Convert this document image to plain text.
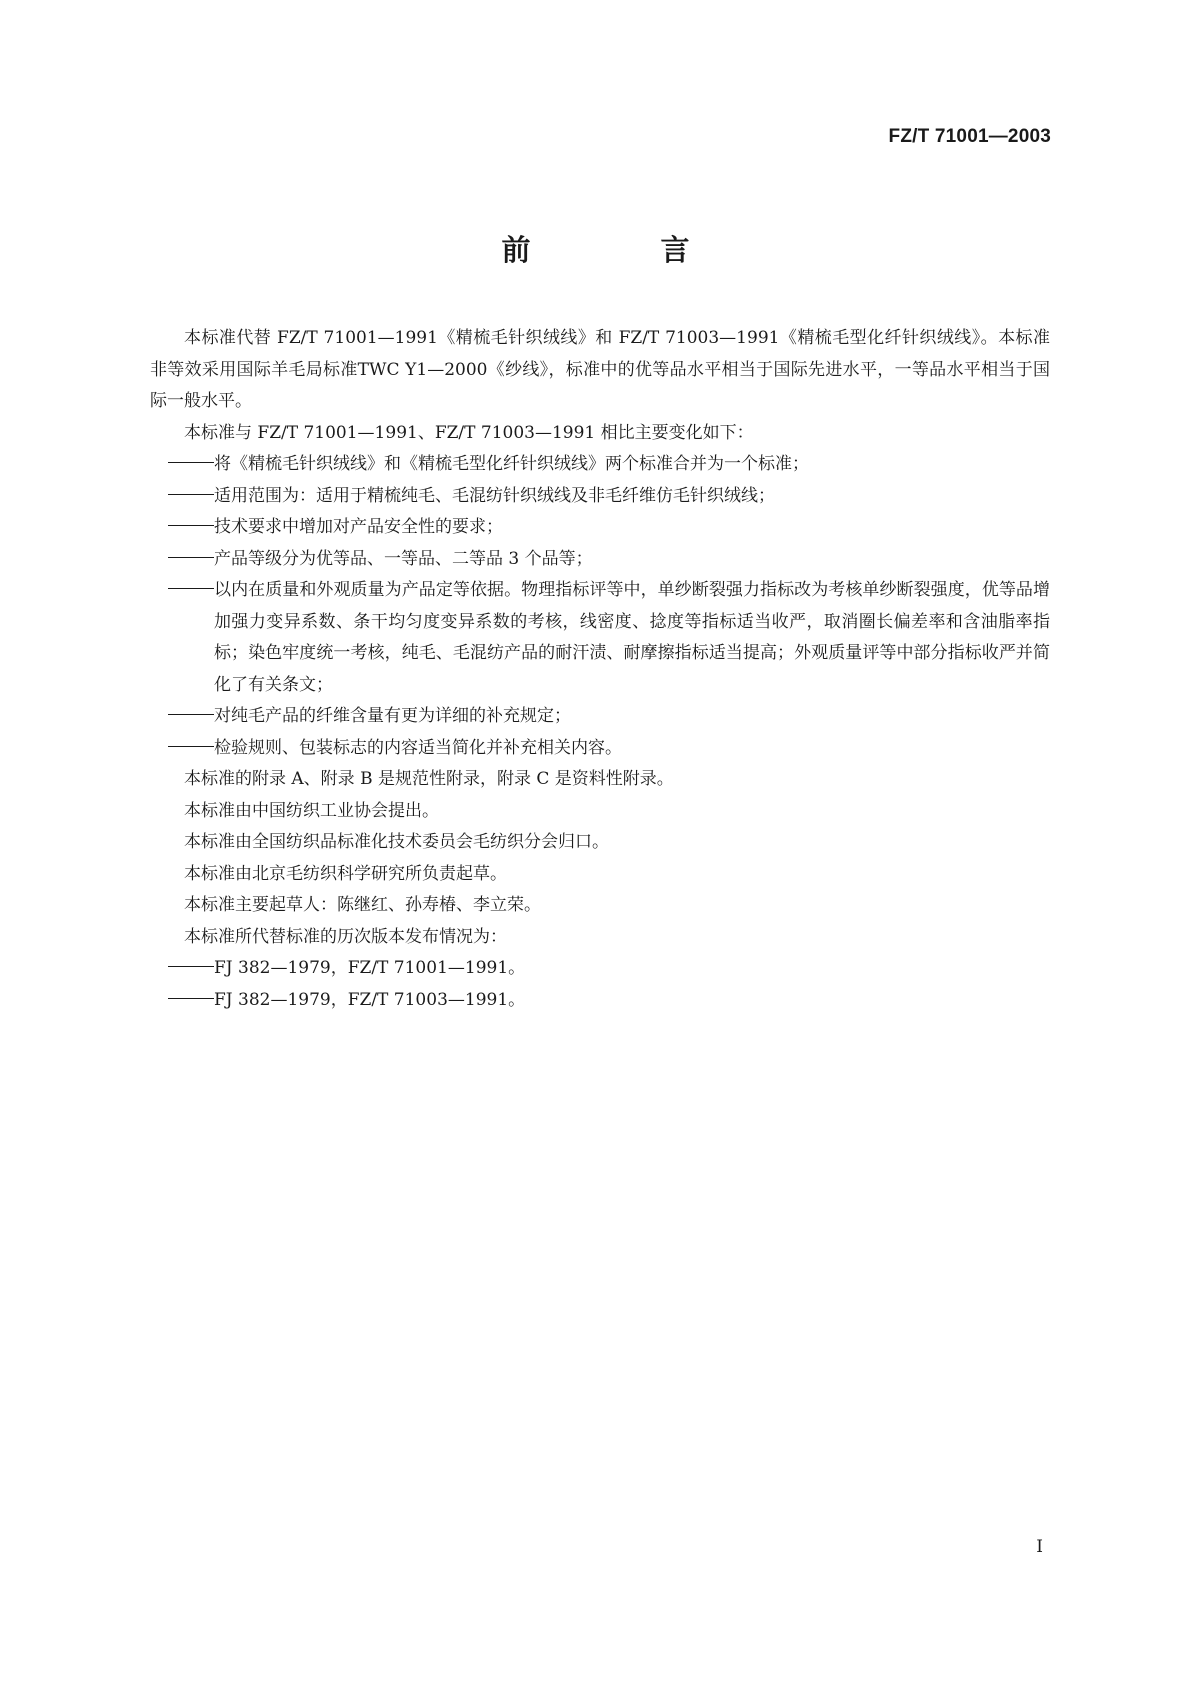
FZ/T 71001—2003
前 言

本标准代替 FZ/T 71001—1991《精梳毛针织绒线》和 FZ/T 71003—1991《精梳毛型化纤针织绒线》。本标准非等效采用国际羊毛局标准TWC Y1—2000《纱线》，标准中的优等品水平相当于国际先进水平，一等品水平相当于国际一般水平。

本标准与 FZ/T 71001—1991、FZ/T 71003—1991 相比主要变化如下：

将《精梳毛针织绒线》和《精梳毛型化纤针织绒线》两个标准合并为一个标准；

适用范围为：适用于精梳纯毛、毛混纺针织绒线及非毛纤维仿毛针织绒线；

技术要求中增加对产品安全性的要求；

产品等级分为优等品、一等品、二等品 3 个品等；

以内在质量和外观质量为产品定等依据。物理指标评等中，单纱断裂强力指标改为考核单纱断裂强度，优等品增加强力变异系数、条干均匀度变异系数的考核，线密度、捻度等指标适当收严，取消圈长偏差率和含油脂率指标；染色牢度统一考核，纯毛、毛混纺产品的耐汗渍、耐摩擦指标适当提高；外观质量评等中部分指标收严并简化了有关条文；

对纯毛产品的纤维含量有更为详细的补充规定；

检验规则、包装标志的内容适当简化并补充相关内容。

本标准的附录 A、附录 B 是规范性附录，附录 C 是资料性附录。

本标准由中国纺织工业协会提出。

本标准由全国纺织品标准化技术委员会毛纺织分会归口。

本标准由北京毛纺织科学研究所负责起草。

本标准主要起草人：陈继红、孙寿椿、李立荣。

本标准所代替标准的历次版本发布情况为：

FJ 382—1979，FZ/T 71001—1991。

FJ 382—1979，FZ/T 71003—1991。

I
